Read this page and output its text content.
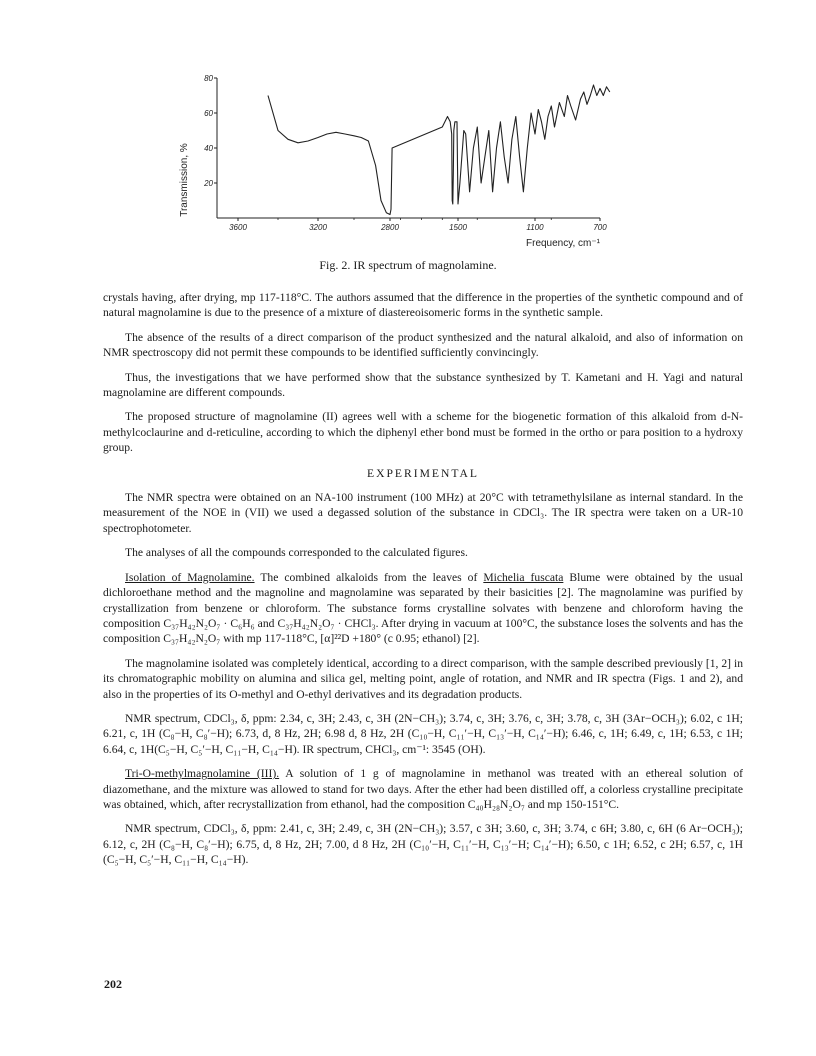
80
60
40
20
3600	3200	2800	1500	1100	700
Transmission, %
Frequency, cm⁻¹
Fig. 2. IR spectrum of magnolamine.

crystals having, after drying, mp 117-118°C. The authors assumed that the difference in the properties of the synthetic compound and of natural magnolamine is due to the presence of a mixture of diastereoisomeric forms in the synthetic sample.

The absence of the results of a direct comparison of the product synthesized and the natural alkaloid, and also of information on NMR spectroscopy did not permit these compounds to be identified sufficiently convincingly.

Thus, the investigations that we have performed show that the substance synthesized by T. Kametani and H. Yagi and natural magnolamine are different compounds.

The proposed structure of magnolamine (II) agrees well with a scheme for the biogenetic formation of this alkaloid from d-N-methylcoclaurine and d-reticuline, according to which the diphenyl ether bond must be formed in the ortho or para position to a hydroxy group.

EXPERIMENTAL

The NMR spectra were obtained on an NA-100 instrument (100 MHz) at 20°C with tetramethylsilane as internal standard. In the measurement of the NOE in (VII) we used a degassed solution of the substance in CDCl₃. The IR spectra were taken on a UR-10 spectrophotometer.

The analyses of all the compounds corresponded to the calculated figures.

Isolation of Magnolamine. The combined alkaloids from the leaves of Michelia fuscata Blume were obtained by the usual dichloroethane method and the magnoline and magnolamine was separated by their basicities [2]. The magnolamine was purified by crystallization from benzene or chloroform. The substance forms crystalline solvates with benzene and chloroform having the composition C₃₇H₄₂N₂O₇ · C₆H₆ and C₃₇H₄₂N₂O₇ · CHCl₃. After drying in vacuum at 100°C, the substance loses the solvents and has the composition C₃₇H₄₂N₂O₇ with mp 117-118°C, [α]²²D +180° (c 0.95; ethanol) [2].

The magnolamine isolated was completely identical, according to a direct comparison, with the sample described previously [1, 2] in its chromatographic mobility on alumina and silica gel, melting point, angle of rotation, and NMR and IR spectra (Figs. 1 and 2), and also in the properties of its O-methyl and O-ethyl derivatives and its degradation products.

NMR spectrum, CDCl₃, δ, ppm: 2.34, c, 3H; 2.43, c, 3H (2N−CH₃); 3.74, c, 3H; 3.76, c, 3H; 3.78, c, 3H (3Ar−OCH₃); 6.02, c 1H; 6.21, c, 1H (C₈−H, C₈′−H); 6.73, d, 8 Hz, 2H; 6.98 d, 8 Hz, 2H (C₁₀−H, C₁₁′−H, C₁₃′−H, C₁₄′−H); 6.46, c, 1H; 6.49, c, 1H; 6.53, c 1H; 6.64, c, 1H(C₅−H, C₅′−H, C₁₁−H, C₁₄−H). IR spectrum, CHCl₃, cm⁻¹: 3545 (OH).

Tri-O-methylmagnolamine (III). A solution of 1 g of magnolamine in methanol was treated with an ethereal solution of diazomethane, and the mixture was allowed to stand for two days. After the ether had been distilled off, a colorless crystalline precipitate was obtained, which, after recrystallization from ethanol, had the composition C₄₀H₂₈N₂O₇ and mp 150-151°C.

NMR spectrum, CDCl₃, δ, ppm: 2.41, c, 3H; 2.49, c, 3H (2N−CH₃); 3.57, c 3H; 3.60, c, 3H; 3.74, c 6H; 3.80, c, 6H (6 Ar−OCH₃); 6.12, c, 2H (C₈−H, C₈′−H); 6.75, d, 8 Hz, 2H; 7.00, d 8 Hz, 2H (C₁₀′−H, C₁₁′−H, C₁₃′−H; C₁₄′−H); 6.50, c 1H; 6.52, c 2H; 6.57, c, 1H (C₅−H, C₅′−H, C₁₁−H, C₁₄−H).

202
